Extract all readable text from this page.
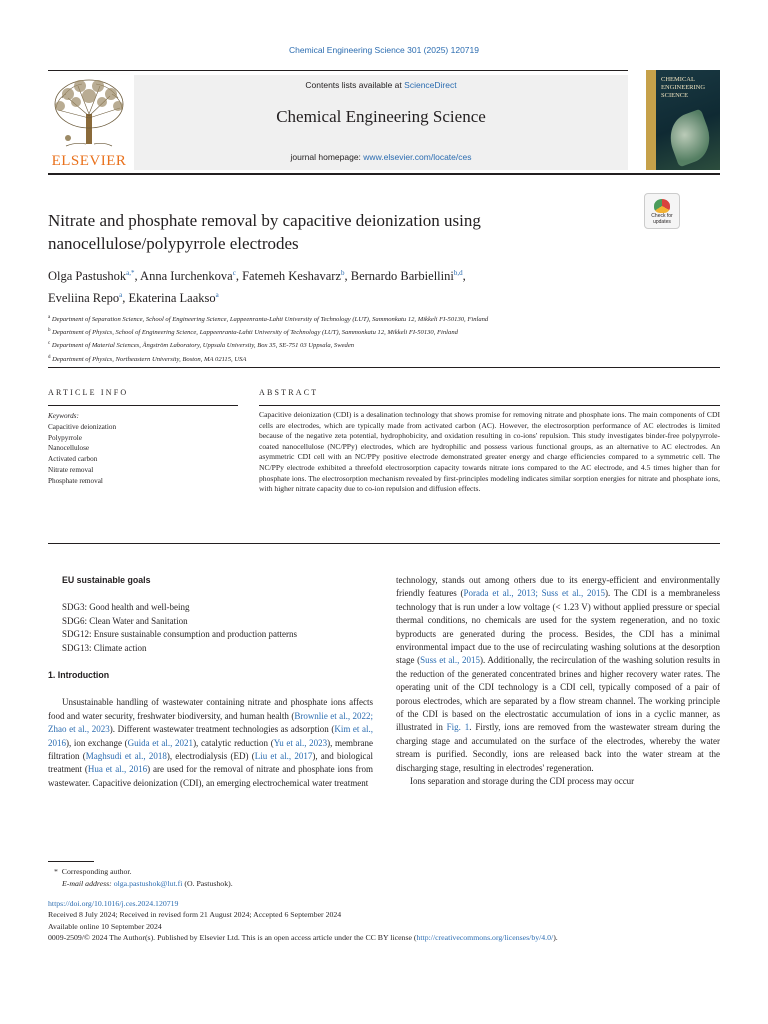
Chemical Engineering Science 301 (2025) 120719
ELSEVIER
Contents lists available at ScienceDirect
Chemical Engineering Science
journal homepage: www.elsevier.com/locate/ces
CHEMICAL ENGINEERING SCIENCE
Nitrate and phosphate removal by capacitive deionization using
nanocellulose/polypyrrole electrodes
Check for updates
Olga Pastushok$^{a,*}$, Anna Iurchenkova$^c$, Fatemeh Keshavarz$^b$, Bernardo Barbiellini$^{b,d}$,
Eveliina Repo$^a$, Ekaterina Laakso$^a$
$^a$ Department of Separation Science, School of Engineering Science, Lappeenranta-Lahti University of Technology (LUT), Sammonkatu 12, Mikkeli FI-50130, Finland
$^b$ Department of Physics, School of Engineering Science, Lappeenranta-Lahti University of Technology (LUT), Sammonkatu 12, Mikkeli FI-50130, Finland
$^c$ Department of Material Sciences, Ångström Laboratory, Uppsala University, Box 35, SE-751 03 Uppsala, Sweden
$^d$ Department of Physics, Northeastern University, Boston, MA 02115, USA
ARTICLE INFO	ABSTRACT
Keywords:
Capacitive deionization
Polypyrrole
Nanocellulose
Activated carbon
Nitrate removal
Phosphate removal
Capacitive deionization (CDI) is a desalination technology that shows promise for removing nitrate and phosphate ions. The main components of CDI cells are electrodes, which are typically made from activated carbon (AC). However, the electrosorption performance of AC electrodes is limited because of the negative zeta potential, hydrophobicity, and oxidation resulting in co-ions' repulsion. This study investigates binder-free polypyrrole-coated nanocellulose (NC/PPy) electrodes, which are hydrophilic and possess various functional groups, as an alternative to AC electrodes. An asymmetric CDI cell with an NC/PPy positive electrode demonstrated greater energy and charge efficiencies compared to a symmetric cell. The NC/PPy electrode exhibited a threefold electrosorption capacity towards nitrate ions compared to the AC electrode, and 4.5 times higher than for phosphate ions. The electrosorption mechanism revealed by first-principles modeling indicates similar sorption energies for nitrate and phosphate ions, with higher nitrate capacity due to co-ion repulsion and diffusion effects.
EU sustainable goals
SDG3: Good health and well-being
SDG6: Clean Water and Sanitation
SDG12: Ensure sustainable consumption and production patterns
SDG13: Climate action
1. Introduction

Unsustainable handling of wastewater containing nitrate and phosphate ions affects food and water security, freshwater biodiversity, and human health (Brownlie et al., 2022; Zhao et al., 2023). Different wastewater treatment technologies as adsorption (Kim et al., 2016), ion exchange (Guida et al., 2021), catalytic reduction (Yu et al., 2023), membrane filtration (Maghsudi et al., 2018), electrodialysis (ED) (Liu et al., 2017), and biological treatment (Hua et al., 2016) are used for the removal of nitrate and phosphate ions from wastewater. Capacitive deionization (CDI), an emerging electrochemical water treatment

technology, stands out among others due to its energy-efficient and environmentally friendly features (Porada et al., 2013; Suss et al., 2015). The CDI is a membraneless technology that is run under a low voltage (< 1.23 V) without applied pressure or special thermal conditions, no chemicals are used for the system regeneration, and no toxic byproducts are generated during the process. Besides, the CDI has a minimal environmental impact due to the use of recirculating washing solutions at the desorption stage (Suss et al., 2015). Additionally, the recirculation of the washing solution results in the reduction of the generated concentrated brines and higher recovery water rates. The operating unit of the CDI technology is a CDI cell, typically composed of a pair of porous electrodes, which are separated by a flow stream channel. The working principle of the CDI is based on the electrostatic accumulation of ions in a cyclic manner, as illustrated in Fig. 1. Firstly, ions are removed from the wastewater stream during the charging stage and accumulated on the surface of the electrodes, whereby the water stream is purified. Secondly, ions are released back into the water stream at the discharging stage, resulting in electrodes' regeneration.

Ions separation and storage during the CDI process may occur

*  Corresponding author.
E-mail address: olga.pastushok@lut.fi (O. Pastushok).
https://doi.org/10.1016/j.ces.2024.120719
Received 8 July 2024; Received in revised form 21 August 2024; Accepted 6 September 2024
Available online 10 September 2024
0009-2509/© 2024 The Author(s). Published by Elsevier Ltd. This is an open access article under the CC BY license (http://creativecommons.org/licenses/by/4.0/).
